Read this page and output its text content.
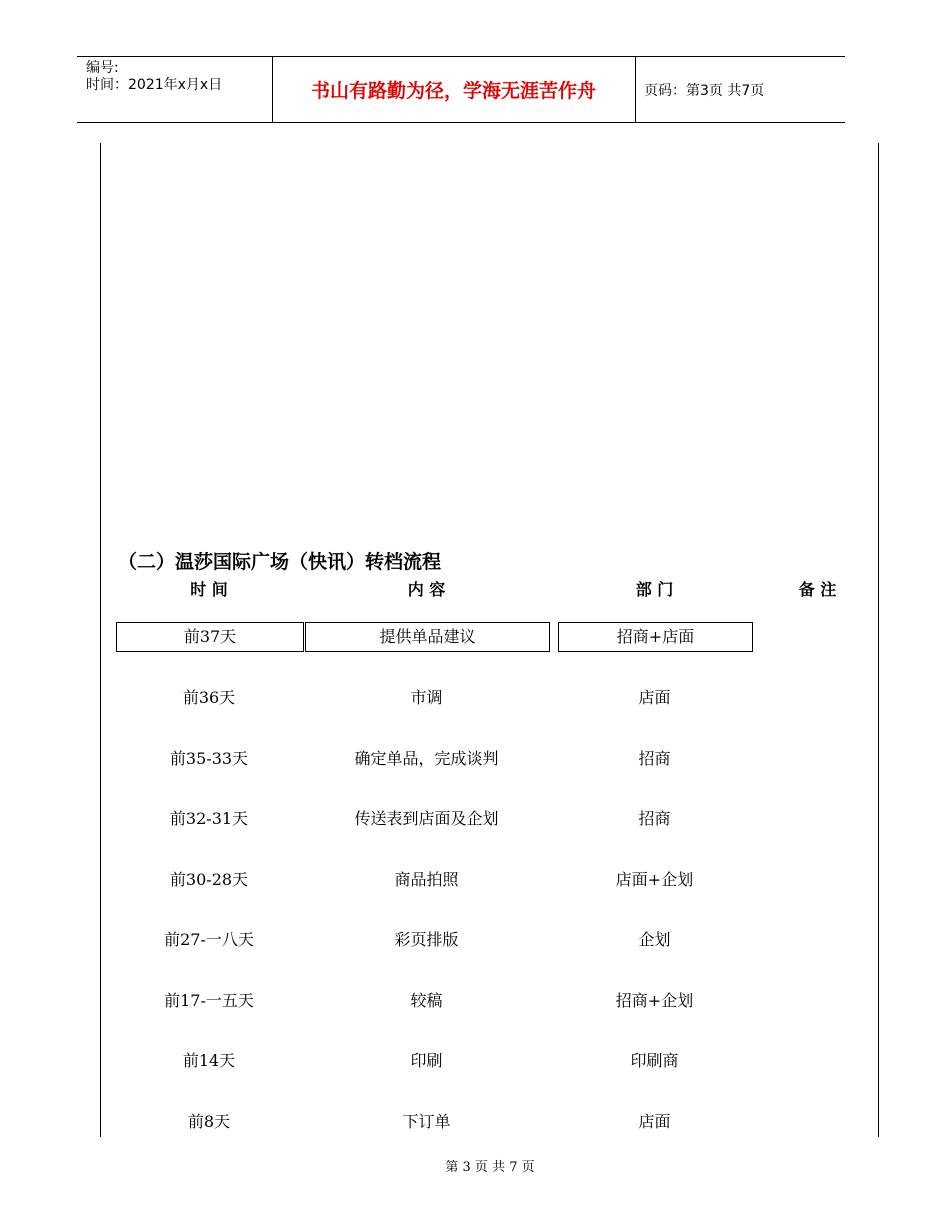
编号:
时间：2021年x月x日	书山有路勤为径，学海无涯苦作舟	页码：第3页 共7页
（二）温莎国际广场（快讯）转档流程
时 间	内 容	部 门	备 注
前37天	提供单品建议	招商+店面
前36天	市调	店面
前35-33天	确定单品，完成谈判	招商
前32-31天	传送表到店面及企划	招商
前30-28天	商品拍照	店面+企划
前27-一八天	彩页排版	企划
前17-一五天	较稿	招商+企划
前14天	印刷	印刷商
前8天	下订单	店面
第 3 页 共 7 页
